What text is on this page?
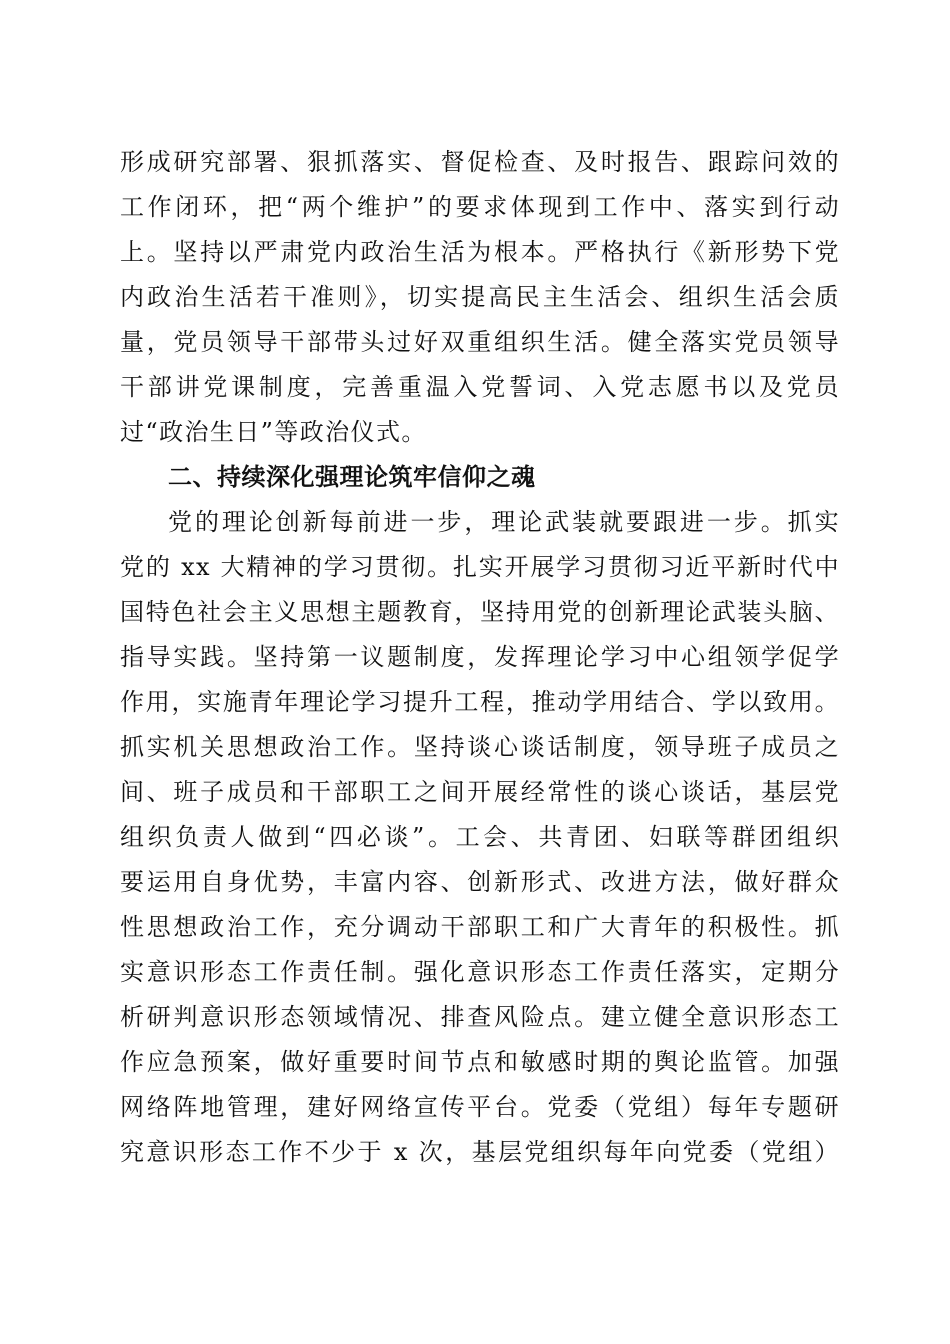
形成研究部署、狠抓落实、督促检查、及时报告、跟踪问效的
工作闭环，把“两个维护”的要求体现到工作中、落实到行动
上。坚持以严肃党内政治生活为根本。严格执行《新形势下党
内政治生活若干准则》，切实提高民主生活会、组织生活会质
量，党员领导干部带头过好双重组织生活。健全落实党员领导
干部讲党课制度，完善重温入党誓词、入党志愿书以及党员
过“政治生日”等政治仪式。
二、持续深化强理论筑牢信仰之魂
党的理论创新每前进一步，理论武装就要跟进一步。抓实
党的 xx 大精神的学习贯彻。扎实开展学习贯彻习近平新时代中
国特色社会主义思想主题教育，坚持用党的创新理论武装头脑、
指导实践。坚持第一议题制度，发挥理论学习中心组领学促学
作用，实施青年理论学习提升工程，推动学用结合、学以致用。
抓实机关思想政治工作。坚持谈心谈话制度，领导班子成员之
间、班子成员和干部职工之间开展经常性的谈心谈话，基层党
组织负责人做到“四必谈”。工会、共青团、妇联等群团组织
要运用自身优势，丰富内容、创新形式、改进方法，做好群众
性思想政治工作，充分调动干部职工和广大青年的积极性。抓
实意识形态工作责任制。强化意识形态工作责任落实，定期分
析研判意识形态领域情况、排查风险点。建立健全意识形态工
作应急预案，做好重要时间节点和敏感时期的舆论监管。加强
网络阵地管理，建好网络宣传平台。党委（党组）每年专题研
究意识形态工作不少于 x 次，基层党组织每年向党委（党组）
